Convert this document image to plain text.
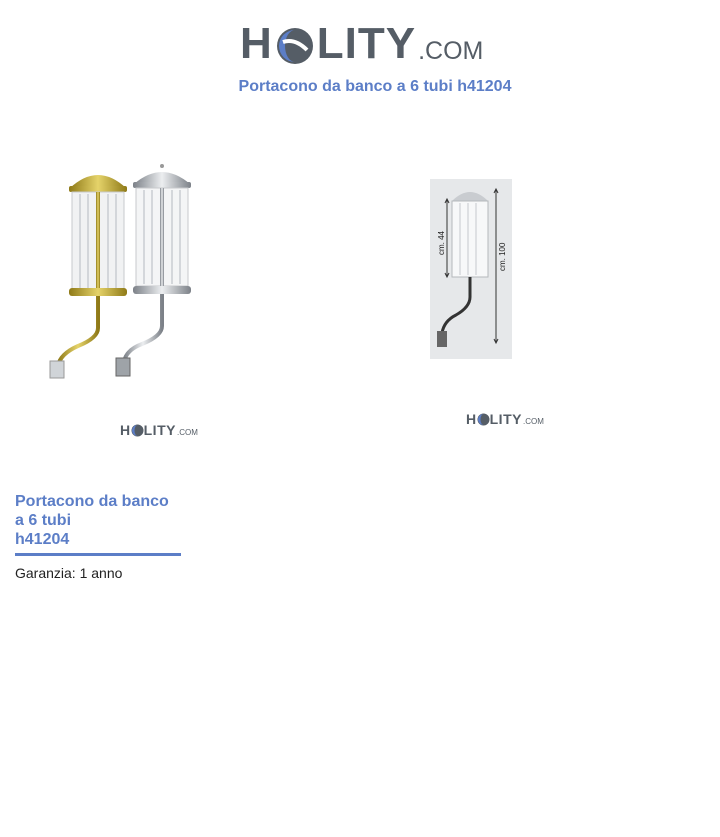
H LITY .COM
Portacono da banco a 6 tubi h41204
cm. 44	cm. 100
H LITY .COM
H LITY .COM
Portacono da banco
a 6 tubi
h41204
Garanzia: 1 anno
